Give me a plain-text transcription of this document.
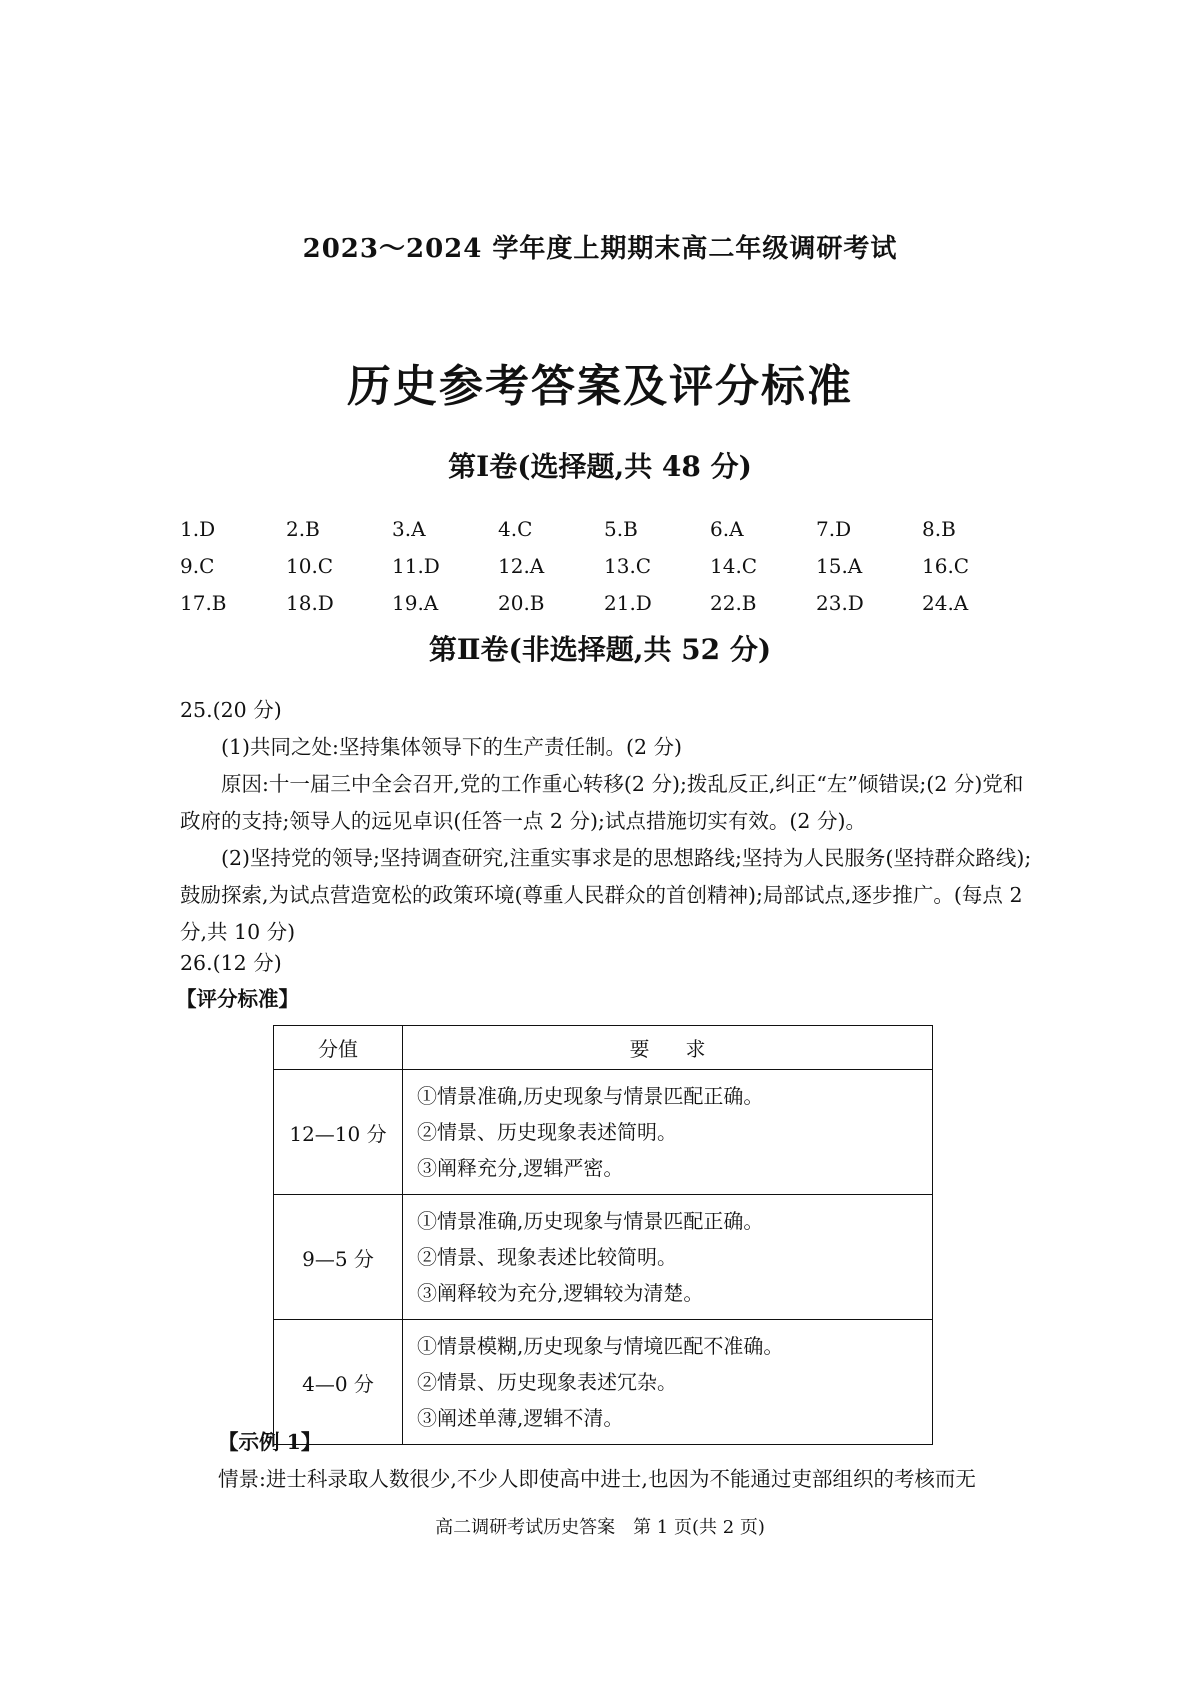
2023～2024 学年度上期期末高二年级调研考试
历史参考答案及评分标准
第Ⅰ卷(选择题,共 48 分)
1.D	2.B	3.A	4.C	5.B	6.A	7.D	8.B
9.C	10.C	11.D	12.A	13.C	14.C	15.A	16.C
17.B	18.D	19.A	20.B	21.D	22.B	23.D	24.A
第Ⅱ卷(非选择题,共 52 分)

25.(20 分)

(1)共同之处:坚持集体领导下的生产责任制。(2 分)

原因:十一届三中全会召开,党的工作重心转移(2 分);拨乱反正,纠正“左”倾错误;(2 分)党和政府的支持;领导人的远见卓识(任答一点 2 分);试点措施切实有效。(2 分)。

(2)坚持党的领导;坚持调查研究,注重实事求是的思想路线;坚持为人民服务(坚持群众路线);鼓励探索,为试点营造宽松的政策环境(尊重人民群众的首创精神);局部试点,逐步推广。(每点 2 分,共 10 分)

26.(12 分)
【评分标准】
分值	要求
12—10 分	①情景准确,历史现象与情景匹配正确。
②情景、历史现象表述简明。
③阐释充分,逻辑严密。

9—5 分	①情景准确,历史现象与情景匹配正确。
②情景、现象表述比较简明。
③阐释较为充分,逻辑较为清楚。

4—0 分	①情景模糊,历史现象与情境匹配不准确。
②情景、历史现象表述冗杂。
③阐述单薄,逻辑不清。
【示例 1】
情景:进士科录取人数很少,不少人即使高中进士,也因为不能通过吏部组织的考核而无
高二调研考试历史答案　第 1 页(共 2 页)
